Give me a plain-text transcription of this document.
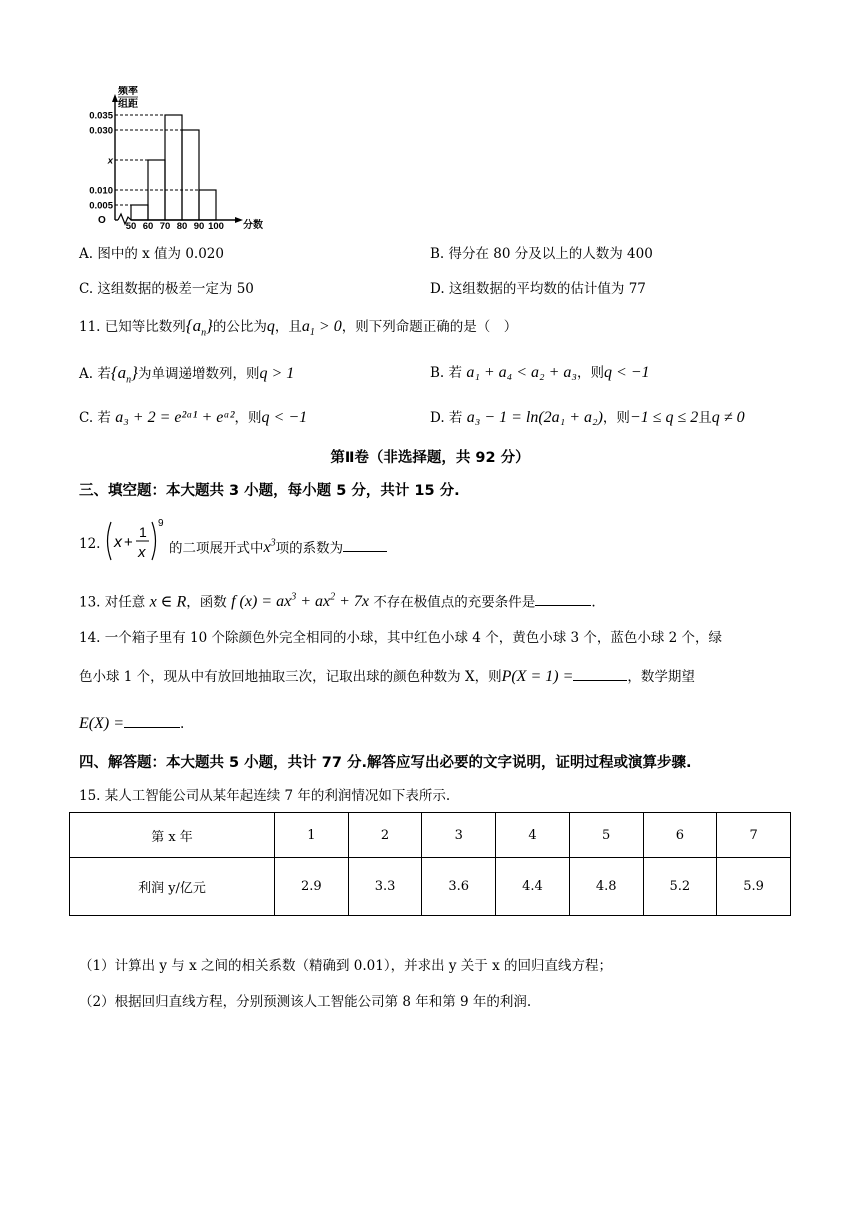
0.035
0.030
x
0.010
0.005
50 60 70 80 90 100
频率
组距
分数
O
A. 图中的 x 值为 0.020	B. 得分在 80 分及以上的人数为 400
C. 这组数据的极差一定为 50	D. 这组数据的平均数的估计值为 77
11. 已知等比数列$\{a_n\}$的公比为q，且$a_1 > 0$，则下列命题正确的是（　）
A. 若$\{a_n\}$为单调递增数列，则q > 1	B. 若 a₁ + a₄ < a₂ + a₃，则q < −1
C. 若 a₃ + 2 = e²ᵃ¹ + eᵃ²，则q < −1	D. 若 a₃ − 1 = ln(2a₁ + a₂)，则−1 ≤ q ≤ 2且q ≠ 0
第Ⅱ卷（非选择题，共 92 分）
三、填空题：本大题共 3 小题，每小题 5 分，共计 15 分.
12. x +
1
x
9
的二项展开式中$x^3$项的系数为
13. 对任意 x ∈ R，函数 f $(x) = ax^3 + ax^2 + 7x$ 不存在极值点的充要条件是	.
14. 一个箱子里有 10 个除颜色外完全相同的小球，其中红色小球 4 个，黄色小球 3 个，蓝色小球 2 个，绿
色小球 1 个，现从中有放回地抽取三次，记取出球的颜色种数为 X，则P(X = 1) =	，数学期望
E(X) =	.
四、解答题：本大题共 5 小题，共计 77 分.解答应写出必要的文字说明，证明过程或演算步骤.
15. 某人工智能公司从某年起连续 7 年的利润情况如下表所示.
第 x 年	1	2	3	4	5	6	7
利润 y/亿元	2.9	3.3	3.6	4.4	4.8	5.2	5.9
（1）计算出 y 与 x 之间的相关系数（精确到 0.01），并求出 y 关于 x 的回归直线方程；
（2）根据回归直线方程，分别预测该人工智能公司第 8 年和第 9 年的利润.
